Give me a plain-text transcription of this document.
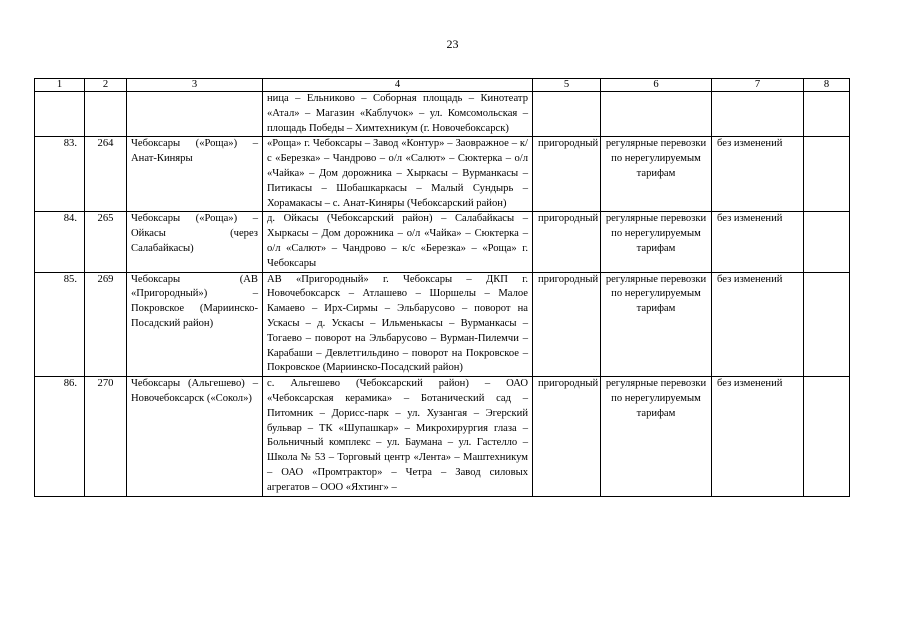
23
1	2	3	4	5	6	7	8
			ница – Ельниково – Соборная площадь – Кинотеатр «Атал» – Магазин «Каблучок» – ул. Комсомольская – площадь Победы – Химтехникум (г. Новочебоксарск)				
83.	264	Чебоксары («Роща») – Анат-Киняры	«Роща» г. Чебоксары – Завод «Контур» – Заовражное – к/с «Березка» – Чандрово – о/л «Салют» – Сюктерка – о/л «Чайка» – Дом дорожника – Хыркасы – Вурманкасы – Питикасы – Шобашкаркасы – Малый Сундырь – Хорамакасы – с. Анат-Киняры (Чебоксарский район)	пригородный	регулярные перевозки по нерегулируемым тарифам	без изменений	
84.	265	Чебоксары («Роща») – Ойкасы (через Салабайкасы)	д. Ойкасы (Чебоксарский район) – Салабайкасы – Хыркасы – Дом дорожника – о/л «Чайка» – Сюктерка – о/л «Салют» – Чандрово – к/с «Березка» – «Роща» г. Чебоксары	пригородный	регулярные перевозки по нерегулируемым тарифам	без изменений	
85.	269	Чебоксары (АВ «Пригородный») – Покровское (Мариинско-Посадский район)	АВ «Пригородный» г. Чебоксары – ДКП г. Новочебоксарск – Атлашево – Шоршелы – Малое Камаево – Ирх-Сирмы – Эльбарусово – поворот на Ускасы – д. Ускасы – Ильменькасы – Вурманкасы – Тогаево – поворот на Эльбарусово – Вурман-Пилемчи – Карабаши – Девлетгильдино – поворот на Покровское – Покровское (Мариинско-Посадский район)	пригородный	регулярные перевозки по нерегулируемым тарифам	без изменений	
86.	270	Чебоксары (Альгешево) – Новочебоксарск («Сокол»)	с. Альгешево (Чебоксарский район) – ОАО «Чебоксарская керамика» – Ботанический сад – Питомник – Дорисс-парк – ул. Хузангая – Эгерский бульвар – ТК «Шупашкар» – Микрохирургия глаза – Больничный комплекс – ул. Баумана – ул. Гастелло – Школа № 53 – Торговый центр «Лента» – Маштехникум – ОАО «Промтрактор» – Четра – Завод силовых агрегатов – ООО «Яхтинг» –	пригородный	регулярные перевозки по нерегулируемым тарифам	без изменений	
